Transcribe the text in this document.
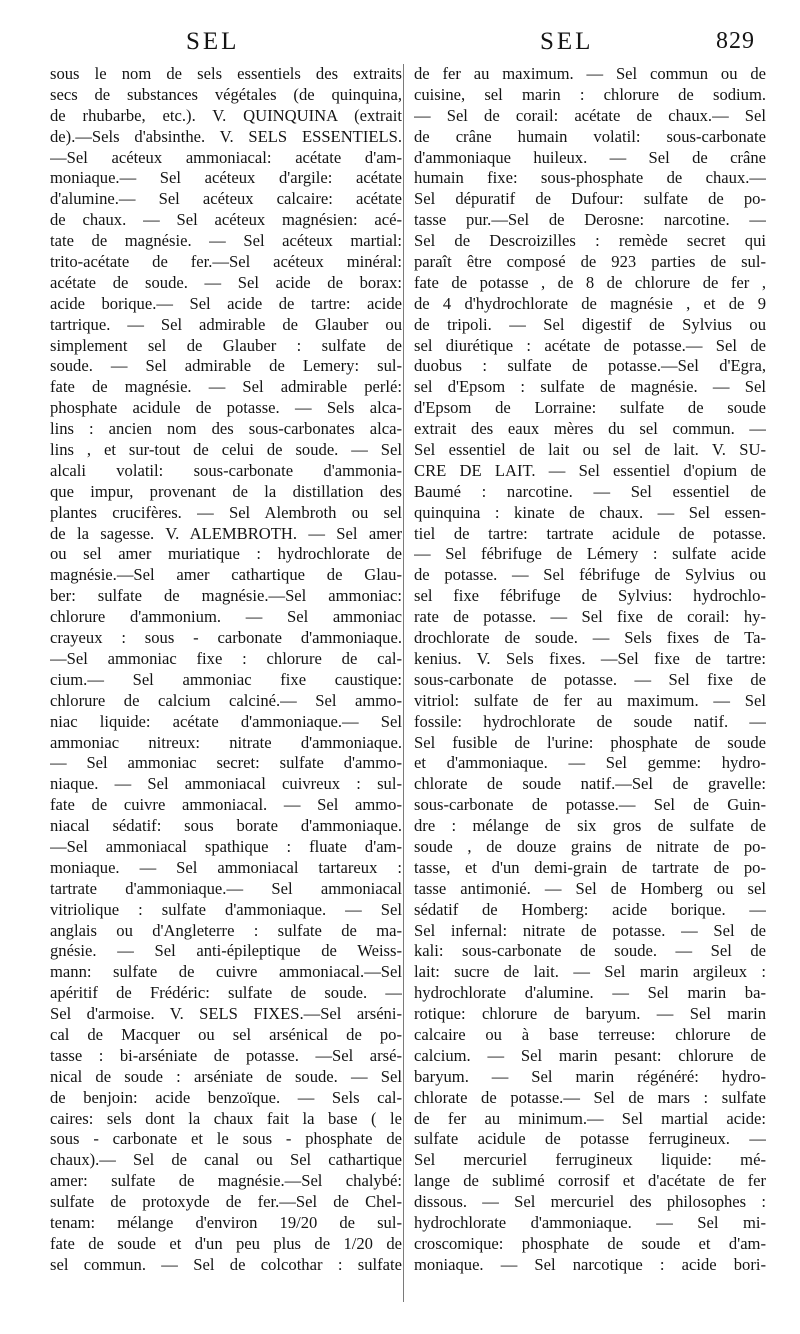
SEL	SEL	829
sous le nom de sels essentiels des extraits
secs de substances végétales (de quinquina,
de rhubarbe, etc.). V. QUINQUINA (extrait
de).—Sels d'absinthe. V. SELS ESSENTIELS.
—Sel acéteux ammoniacal: acétate d'am-
moniaque.— Sel acéteux d'argile: acétate
d'alumine.— Sel acéteux calcaire: acétate
de chaux. — Sel acéteux magnésien: acé-
tate de magnésie. — Sel acéteux martial:
trito-acétate de fer.—Sel acéteux minéral:
acétate de soude. — Sel acide de borax:
acide borique.— Sel acide de tartre: acide
tartrique. — Sel admirable de Glauber ou
simplement sel de Glauber : sulfate de
soude. — Sel admirable de Lemery: sul-
fate de magnésie. — Sel admirable perlé:
phosphate acidule de potasse. — Sels alca-
lins : ancien nom des sous-carbonates alca-
lins , et sur-tout de celui de soude. — Sel
alcali volatil: sous-carbonate d'ammonia-
que impur, provenant de la distillation des
plantes crucifères. — Sel Alembroth ou sel
de la sagesse. V. ALEMBROTH. — Sel amer
ou sel amer muriatique : hydrochlorate de
magnésie.—Sel amer cathartique de Glau-
ber: sulfate de magnésie.—Sel ammoniac:
chlorure d'ammonium. — Sel ammoniac
crayeux : sous - carbonate d'ammoniaque.
—Sel ammoniac fixe : chlorure de cal-
cium.— Sel ammoniac fixe caustique:
chlorure de calcium calciné.— Sel ammo-
niac liquide: acétate d'ammoniaque.— Sel
ammoniac nitreux: nitrate d'ammoniaque.
— Sel ammoniac secret: sulfate d'ammo-
niaque. — Sel ammoniacal cuivreux : sul-
fate de cuivre ammoniacal. — Sel ammo-
niacal sédatif: sous borate d'ammoniaque.
—Sel ammoniacal spathique : fluate d'am-
moniaque. — Sel ammoniacal tartareux :
tartrate d'ammoniaque.— Sel ammoniacal
vitriolique : sulfate d'ammoniaque. — Sel
anglais ou d'Angleterre : sulfate de ma-
gnésie. — Sel anti-épileptique de Weiss-
mann: sulfate de cuivre ammoniacal.—Sel
apéritif de Frédéric: sulfate de soude. —
Sel d'armoise. V. SELS FIXES.—Sel arséni-
cal de Macquer ou sel arsénical de po-
tasse : bi-arséniate de potasse. —Sel arsé-
nical de soude : arséniate de soude. — Sel
de benjoin: acide benzoïque. — Sels cal-
caires: sels dont la chaux fait la base ( le
sous - carbonate et le sous - phosphate de
chaux).— Sel de canal ou Sel cathartique
amer: sulfate de magnésie.—Sel chalybé:
sulfate de protoxyde de fer.—Sel de Chel-
tenam: mélange d'environ 19/20 de sul-
fate de soude et d'un peu plus de 1/20 de
sel commun. — Sel de colcothar : sulfate
de fer au maximum. — Sel commun ou de
cuisine, sel marin : chlorure de sodium.
— Sel de corail: acétate de chaux.— Sel
de crâne humain volatil: sous-carbonate
d'ammoniaque huileux. — Sel de crâne
humain fixe: sous-phosphate de chaux.—
Sel dépuratif de Dufour: sulfate de po-
tasse pur.—Sel de Derosne: narcotine. —
Sel de Descroizilles : remède secret qui
paraît être composé de 923 parties de sul-
fate de potasse , de 8 de chlorure de fer ,
de 4 d'hydrochlorate de magnésie , et de 9
de tripoli. — Sel digestif de Sylvius ou
sel diurétique : acétate de potasse.— Sel de
duobus : sulfate de potasse.—Sel d'Egra,
sel d'Epsom : sulfate de magnésie. — Sel
d'Epsom de Lorraine: sulfate de soude
extrait des eaux mères du sel commun. —
Sel essentiel de lait ou sel de lait. V. SU-
CRE DE LAIT. — Sel essentiel d'opium de
Baumé : narcotine. — Sel essentiel de
quinquina : kinate de chaux. — Sel essen-
tiel de tartre: tartrate acidule de potasse.
— Sel fébrifuge de Lémery : sulfate acide
de potasse. — Sel fébrifuge de Sylvius ou
sel fixe fébrifuge de Sylvius: hydrochlo-
rate de potasse. — Sel fixe de corail: hy-
drochlorate de soude. — Sels fixes de Ta-
kenius. V. Sels fixes. —Sel fixe de tartre:
sous-carbonate de potasse. — Sel fixe de
vitriol: sulfate de fer au maximum. — Sel
fossile: hydrochlorate de soude natif. —
Sel fusible de l'urine: phosphate de soude
et d'ammoniaque. — Sel gemme: hydro-
chlorate de soude natif.—Sel de gravelle:
sous-carbonate de potasse.— Sel de Guin-
dre : mélange de six gros de sulfate de
soude , de douze grains de nitrate de po-
tasse, et d'un demi-grain de tartrate de po-
tasse antimonié. — Sel de Homberg ou sel
sédatif de Homberg: acide borique. —
Sel infernal: nitrate de potasse. — Sel de
kali: sous-carbonate de soude. — Sel de
lait: sucre de lait. — Sel marin argileux :
hydrochlorate d'alumine. — Sel marin ba-
rotique: chlorure de baryum. — Sel marin
calcaire ou à base terreuse: chlorure de
calcium. — Sel marin pesant: chlorure de
baryum. — Sel marin régénéré: hydro-
chlorate de potasse.— Sel de mars : sulfate
de fer au minimum.— Sel martial acide:
sulfate acidule de potasse ferrugineux. —
Sel mercuriel ferrugineux liquide: mé-
lange de sublimé corrosif et d'acétate de fer
dissous. — Sel mercuriel des philosophes :
hydrochlorate d'ammoniaque. — Sel mi-
croscomique: phosphate de soude et d'am-
moniaque. — Sel narcotique : acide bori-
